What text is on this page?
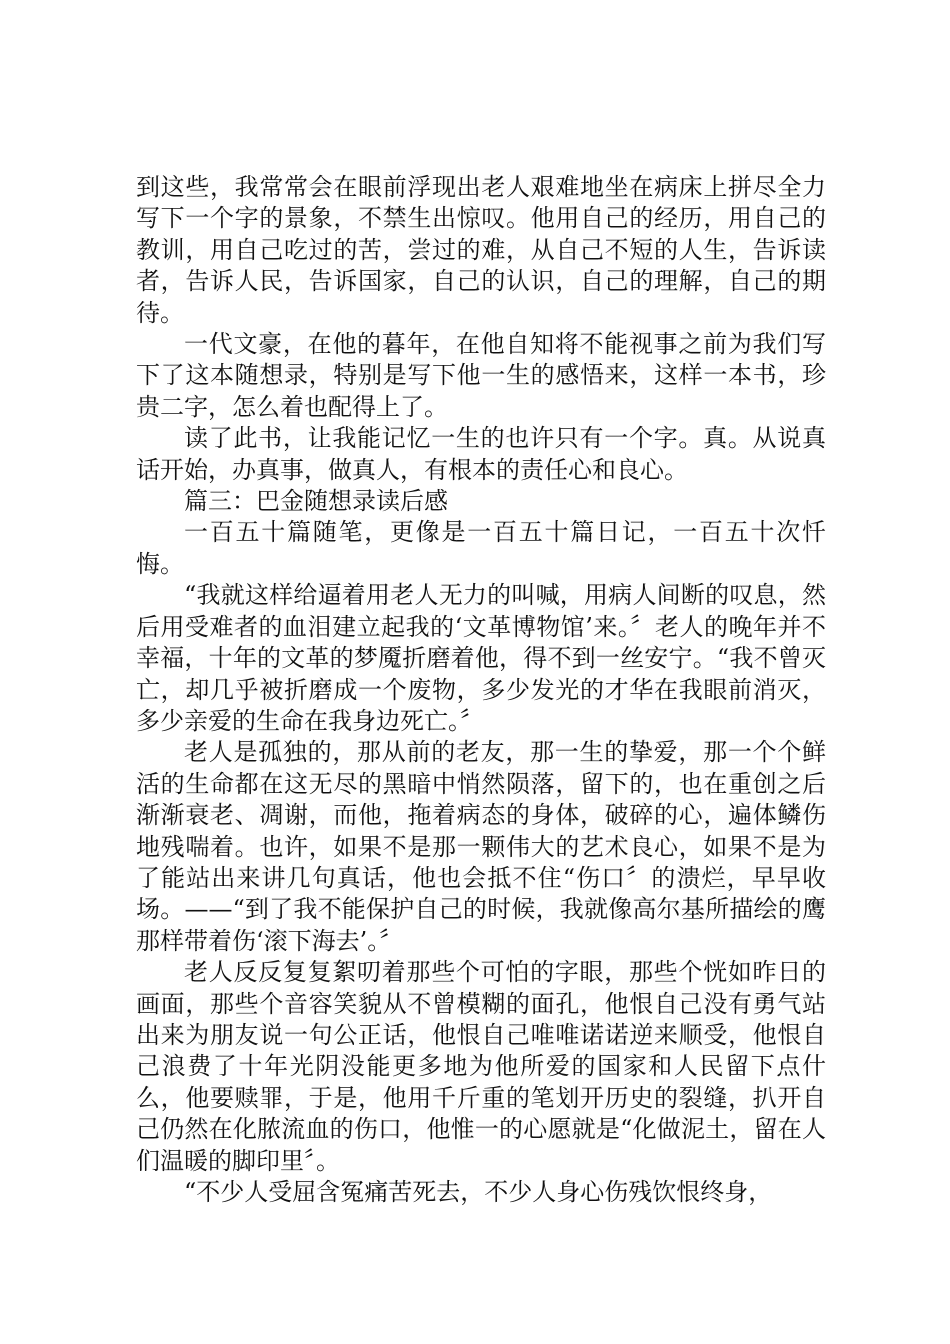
到这些，我常常会在眼前浮现出老人艰难地坐在病床上拼尽全力写下一个字的景象，不禁生出惊叹。他用自己的经历，用自己的教训，用自己吃过的苦，尝过的难，从自己不短的人生，告诉读者，告诉人民，告诉国家，自己的认识，自己的理解，自己的期待。

一代文豪，在他的暮年，在他自知将不能视事之前为我们写下了这本随想录，特别是写下他一生的感悟来，这样一本书，珍贵二字，怎么着也配得上了。

读了此书，让我能记忆一生的也许只有一个字。真。从说真话开始，办真事，做真人，有根本的责任心和良心。

篇三：巴金随想录读后感

一百五十篇随笔，更像是一百五十篇日记，一百五十次忏悔。

“我就这样给逼着用老人无力的叫喊，用病人间断的叹息，然后用受难者的血泪建立起我的‘文革博物馆’来。〞老人的晚年并不幸福，十年的文革的梦魇折磨着他，得不到一丝安宁。“我不曾灭亡，却几乎被折磨成一个废物，多少发光的才华在我眼前消灭，多少亲爱的生命在我身边死亡。〞

老人是孤独的，那从前的老友，那一生的挚爱，那一个个鲜活的生命都在这无尽的黑暗中悄然陨落，留下的，也在重创之后渐渐衰老、凋谢，而他，拖着病态的身体，破碎的心，遍体鳞伤地残喘着。也许，如果不是那一颗伟大的艺术良心，如果不是为了能站出来讲几句真话，他也会抵不住“伤口〞的溃烂，早早收场。——“到了我不能保护自己的时候，我就像高尔基所描绘的鹰那样带着伤‘滚下海去’。〞

老人反反复复絮叨着那些个可怕的字眼，那些个恍如昨日的画面，那些个音容笑貌从不曾模糊的面孔，他恨自己没有勇气站出来为朋友说一句公正话，他恨自己唯唯诺诺逆来顺受，他恨自己浪费了十年光阴没能更多地为他所爱的国家和人民留下点什么，他要赎罪，于是，他用千斤重的笔划开历史的裂缝，扒开自己仍然在化脓流血的伤口，他惟一的心愿就是“化做泥土，留在人们温暖的脚印里〞。

“不少人受屈含冤痛苦死去，不少人身心伤残饮恨终身，
